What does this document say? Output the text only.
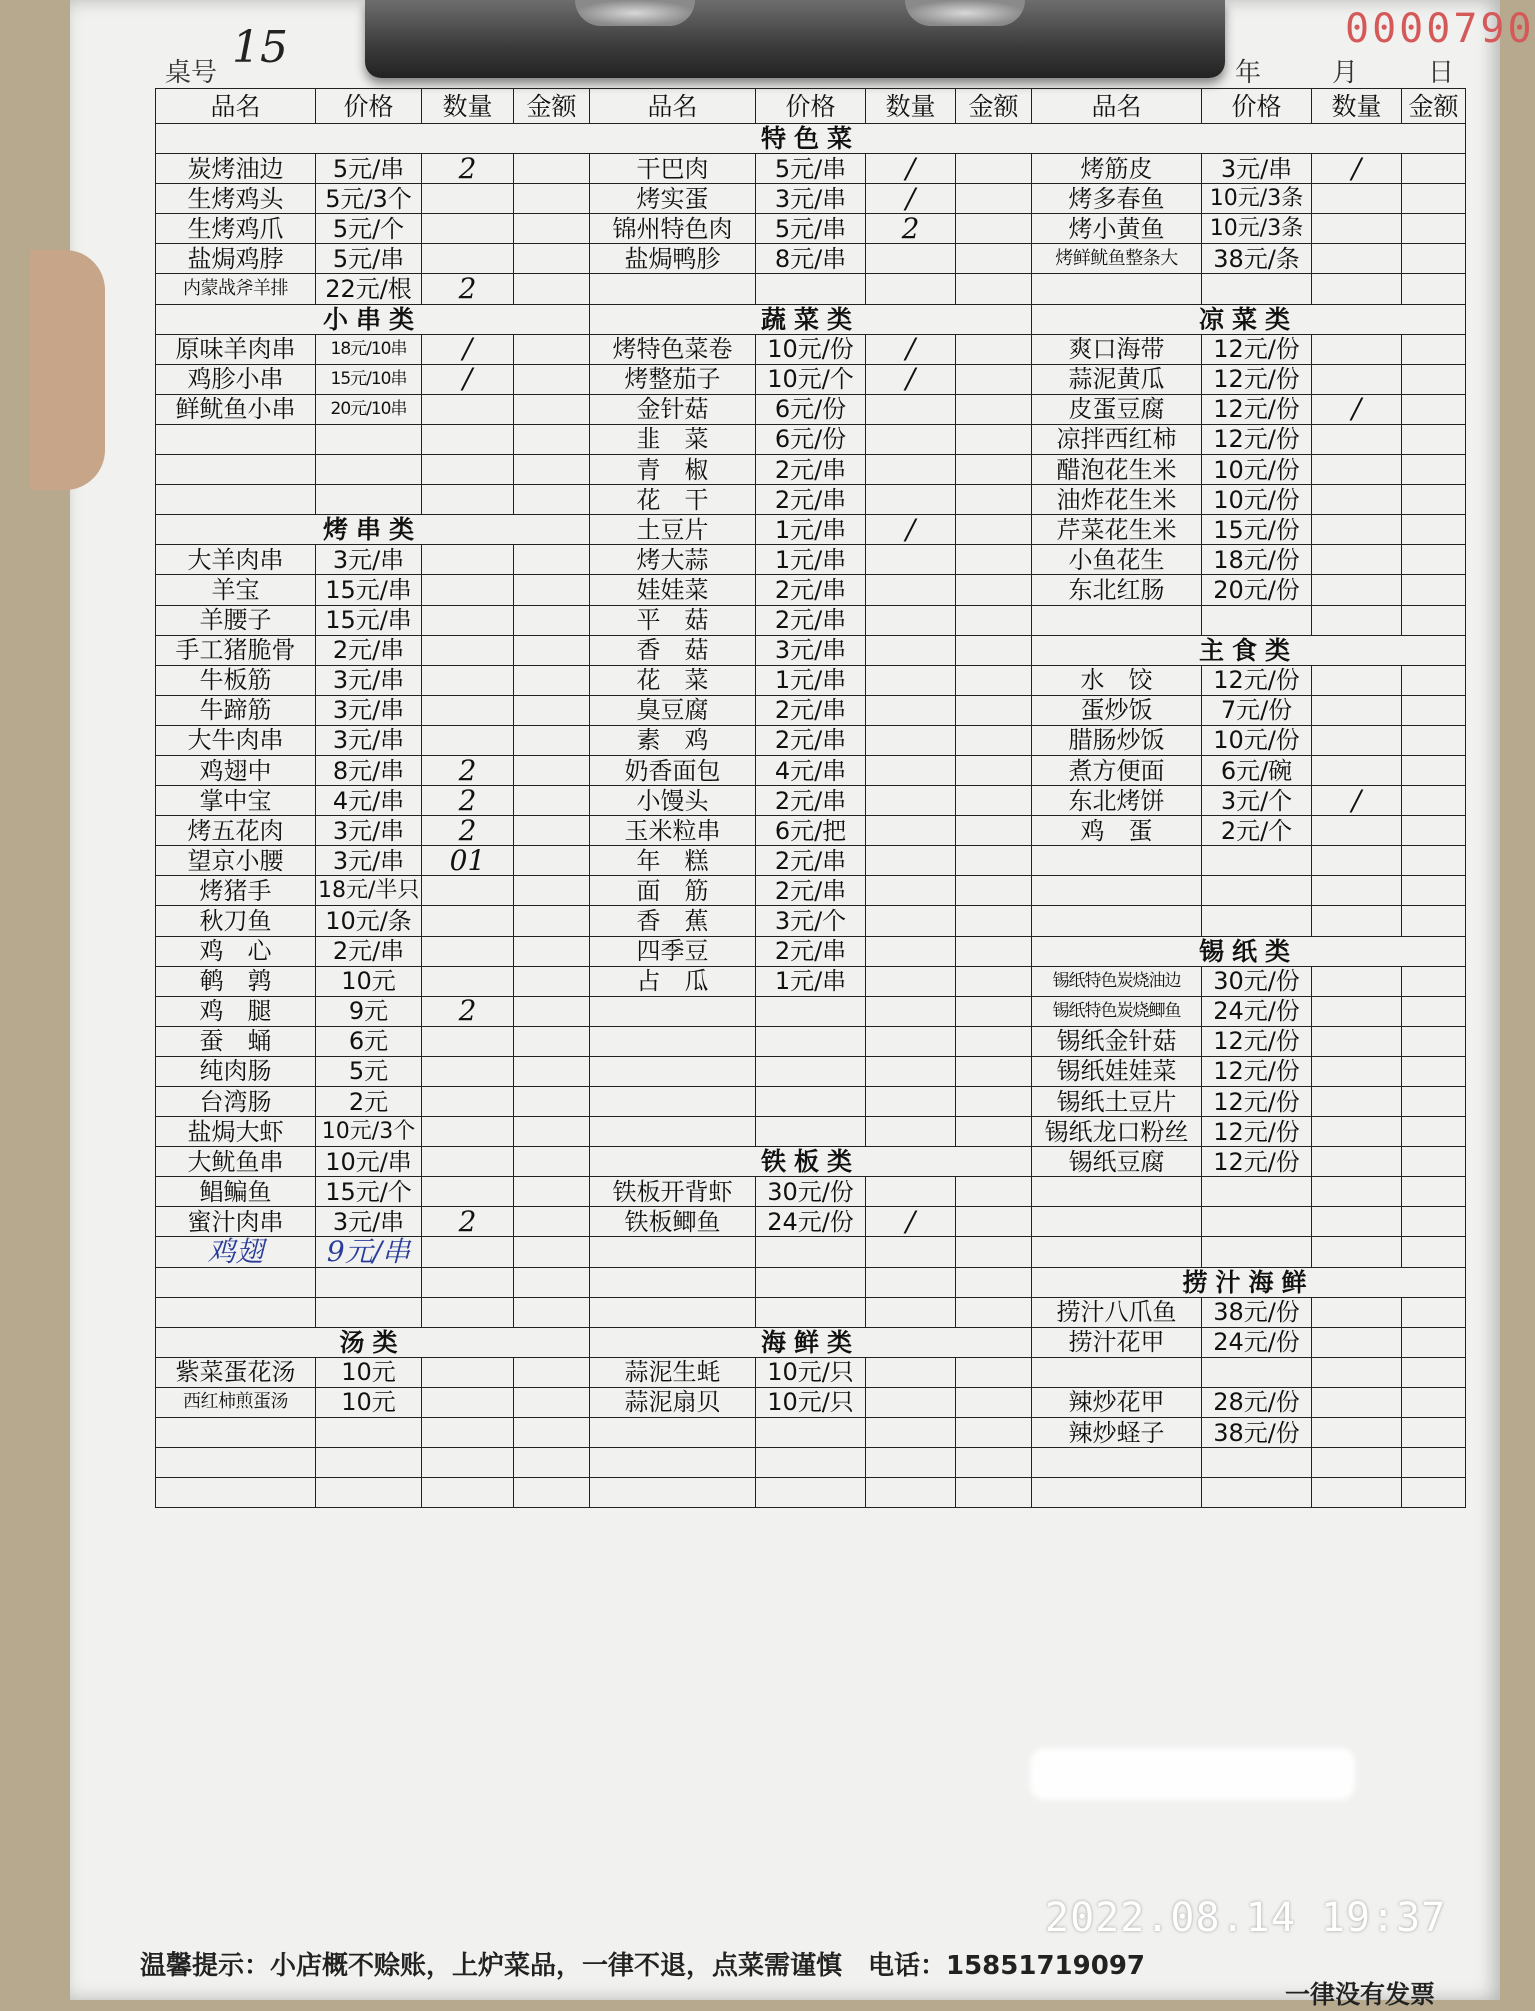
0000790
桌号 15	年	月	日
品名	价格	数量	金额	品名	价格	数量	金额	品名	价格	数量	金额
特色菜											
炭烤油边	5元/串	2		干巴肉	5元/串	/		烤筋皮	3元/串	/	
生烤鸡头	5元/3个			烤实蛋	3元/串	/		烤多春鱼	10元/3条		
生烤鸡爪	5元/个			锦州特色肉	5元/串	2		烤小黄鱼	10元/3条		
盐焗鸡脖	5元/串			盐焗鸭胗	8元/串			烤鲜鱿鱼整条大	38元/条		
内蒙战斧羊排	22元/根	2									
小串类				蔬菜类				凉菜类			
原味羊肉串	18元/10串	/		烤特色菜卷	10元/份	/		爽口海带	12元/份		
鸡胗小串	15元/10串	/		烤整茄子	10元/个	/		蒜泥黄瓜	12元/份		
鲜鱿鱼小串	20元/10串			金针菇	6元/份			皮蛋豆腐	12元/份	/	
				韭　菜	6元/份			凉拌西红柿	12元/份		
				青　椒	2元/串			醋泡花生米	10元/份		
				花　干	2元/串			油炸花生米	10元/份		
烤串类				土豆片	1元/串	/		芹菜花生米	15元/份		
大羊肉串	3元/串			烤大蒜	1元/串			小鱼花生	18元/份		
羊宝	15元/串			娃娃菜	2元/串			东北红肠	20元/份		
羊腰子	15元/串			平　菇	2元/串						
手工猪脆骨	2元/串			香　菇	3元/串			主食类			
牛板筋	3元/串			花　菜	1元/串			水　饺	12元/份		
牛蹄筋	3元/串			臭豆腐	2元/串			蛋炒饭	7元/份		
大牛肉串	3元/串			素　鸡	2元/串			腊肠炒饭	10元/份		
鸡翅中	8元/串	2		奶香面包	4元/串			煮方便面	6元/碗		
掌中宝	4元/串	2		小馒头	2元/串			东北烤饼	3元/个	/	
烤五花肉	3元/串	2		玉米粒串	6元/把			鸡　蛋	2元/个		
望京小腰	3元/串	01		年　糕	2元/串						
烤猪手	18元/半只			面　筋	2元/串						
秋刀鱼	10元/条			香　蕉	3元/个						
鸡　心	2元/串			四季豆	2元/串			锡纸类			
鹌　鹑	10元			占　瓜	1元/串			锡纸特色炭烧油边	30元/份		
鸡　腿	9元	2						锡纸特色炭烧鲫鱼	24元/份		
蚕　蛹	6元							锡纸金针菇	12元/份		
纯肉肠	5元							锡纸娃娃菜	12元/份		
台湾肠	2元							锡纸土豆片	12元/份		
盐焗大虾	10元/3个							锡纸龙口粉丝	12元/份		
大鱿鱼串	10元/串			铁板类				锡纸豆腐	12元/份		
鲳鳊鱼	15元/个			铁板开背虾	30元/份						
蜜汁肉串	3元/串	2		铁板鲫鱼	24元/份	/					
鸡翅	9元/串										
								捞汁海鲜			
								捞汁八爪鱼	38元/份		
汤类				海鲜类				捞汁花甲	24元/份		
紫菜蛋花汤	10元			蒜泥生蚝	10元/只						
西红柿煎蛋汤	10元			蒜泥扇贝	10元/只			辣炒花甲	28元/份		
								辣炒蛏子	38元/份		

2022.08.14 19:37
温馨提示：小店概不赊账，上炉菜品，一律不退，点菜需谨慎　电话：15851719097
一律没有发票
